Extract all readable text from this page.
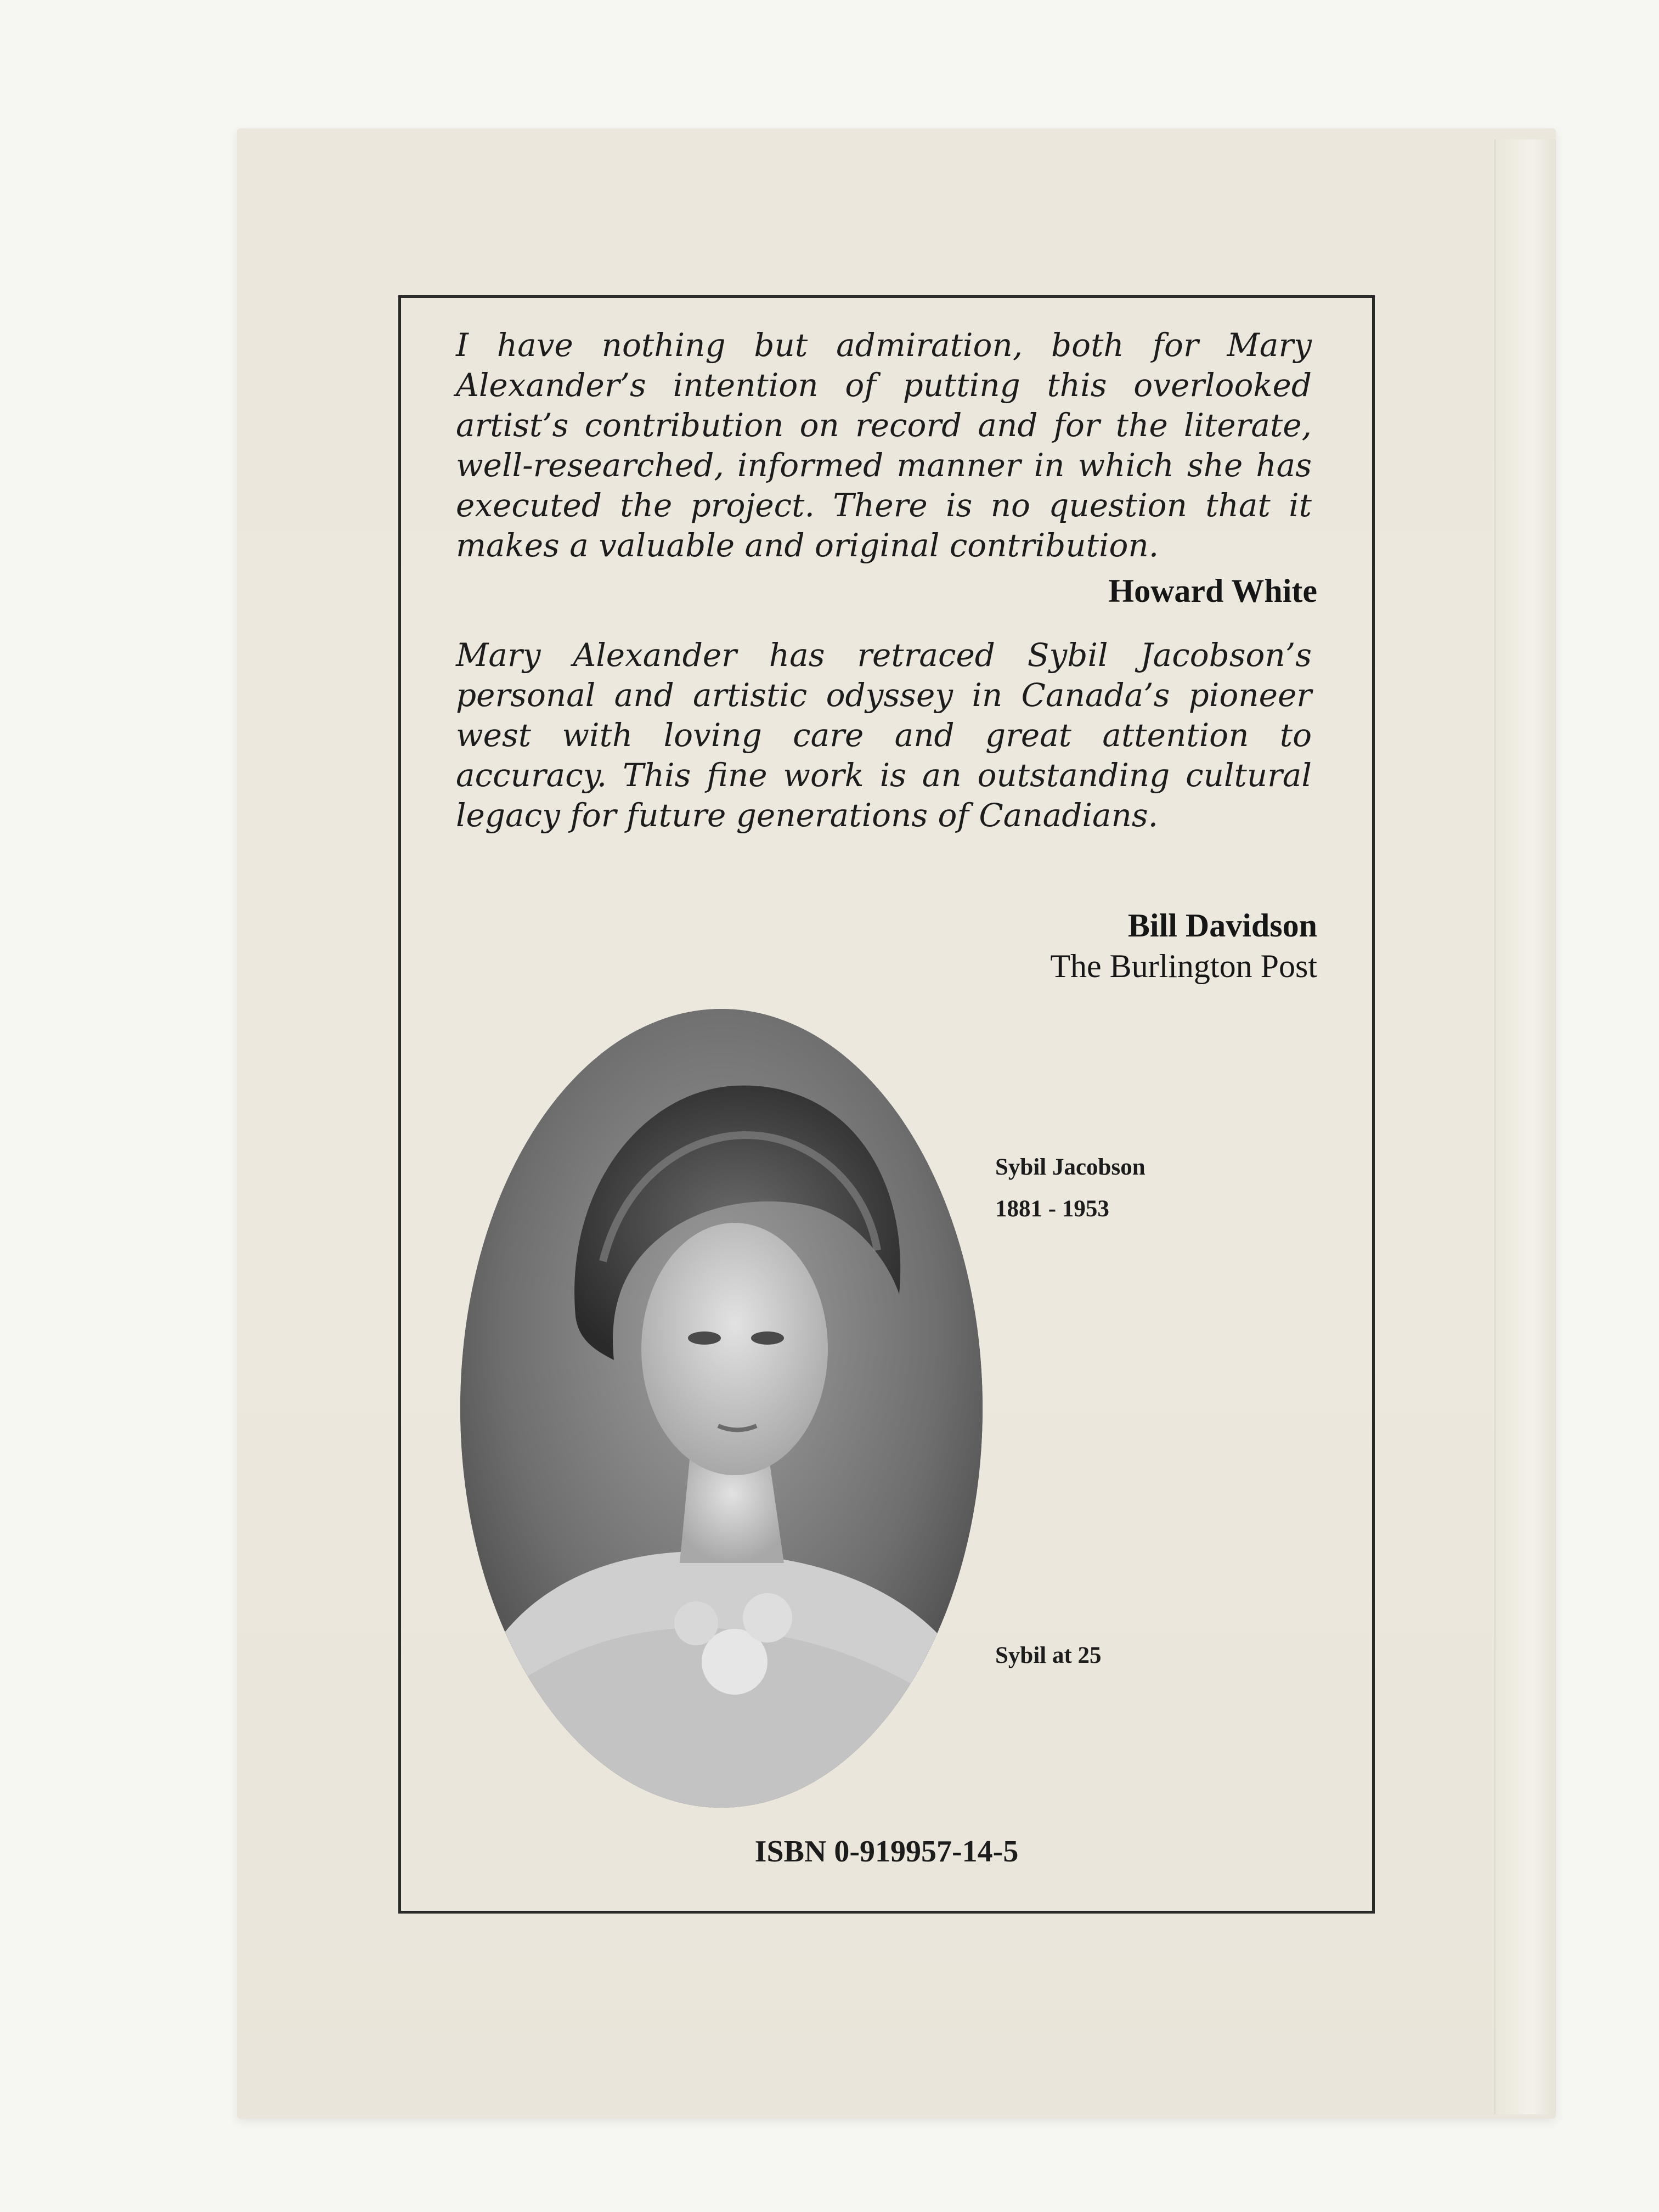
I have nothing but admiration, both for Mary Alexander’s intention of putting this overlooked artist’s contribution on record and for the literate, well-researched, informed manner in which she has executed the project. There is no question that it makes a valuable and original contribution.

Howard White

Mary Alexander has retraced Sybil Jacobson’s personal and artistic odyssey in Canada’s pioneer west with loving care and great attention to accuracy. This fine work is an outstanding cultural legacy for future generations of Canadians.

Bill Davidson
The Burlington Post
Sybil Jacobson
1881 - 1953
Sybil at 25
ISBN 0-919957-14-5
